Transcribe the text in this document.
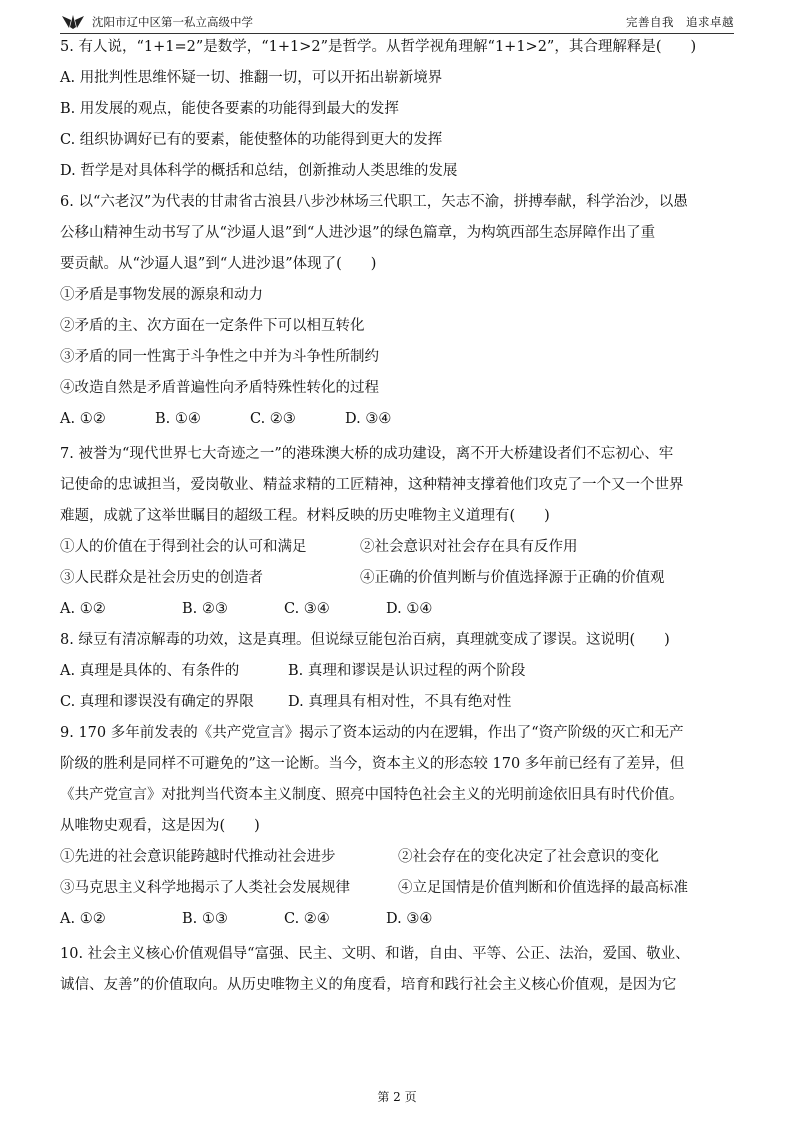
沈阳市辽中区第一私立高级中学	完善自我　追求卓越
5. 有人说，“1+1=2”是数学，“1+1>2”是哲学。从哲学视角理解“1+1>2”，其合理解释是(　　)
A. 用批判性思维怀疑一切、推翻一切，可以开拓出崭新境界
B. 用发展的观点，能使各要素的功能得到最大的发挥
C. 组织协调好已有的要素，能使整体的功能得到更大的发挥
D. 哲学是对具体科学的概括和总结，创新推动人类思维的发展
6. 以“六老汉”为代表的甘肃省古浪县八步沙林场三代职工，矢志不渝，拼搏奉献，科学治沙，以愚
公移山精神生动书写了从“沙逼人退”到“人进沙退”的绿色篇章，为构筑西部生态屏障作出了重
要贡献。从“沙逼人退”到“人进沙退”体现了(　　)
①矛盾是事物发展的源泉和动力
②矛盾的主、次方面在一定条件下可以相互转化
③矛盾的同一性寓于斗争性之中并为斗争性所制约
④改造自然是矛盾普遍性向矛盾特殊性转化的过程
A. ①②	B. ①④	C. ②③	D. ③④
7. 被誉为“现代世界七大奇迹之一”的港珠澳大桥的成功建设，离不开大桥建设者们不忘初心、牢
记使命的忠诚担当，爱岗敬业、精益求精的工匠精神，这种精神支撑着他们攻克了一个又一个世界
难题，成就了这举世瞩目的超级工程。材料反映的历史唯物主义道理有(　　)
①人的价值在于得到社会的认可和满足	②社会意识对社会存在具有反作用
③人民群众是社会历史的创造者	④正确的价值判断与价值选择源于正确的价值观
A. ①②	B. ②③	C. ③④	D. ①④
8. 绿豆有清凉解毒的功效，这是真理。但说绿豆能包治百病，真理就变成了谬误。这说明(　　)
A. 真理是具体的、有条件的	B. 真理和谬误是认识过程的两个阶段
C. 真理和谬误没有确定的界限	D. 真理具有相对性，不具有绝对性
9. 170 多年前发表的《共产党宣言》揭示了资本运动的内在逻辑，作出了“资产阶级的灭亡和无产
阶级的胜利是同样不可避免的”这一论断。当今，资本主义的形态较 170 多年前已经有了差异，但
《共产党宣言》对批判当代资本主义制度、照亮中国特色社会主义的光明前途依旧具有时代价值。
从唯物史观看，这是因为(　　)
①先进的社会意识能跨越时代推动社会进步	②社会存在的变化决定了社会意识的变化
③马克思主义科学地揭示了人类社会发展规律	④立足国情是价值判断和价值选择的最高标准
A. ①②	B. ①③	C. ②④	D. ③④
10. 社会主义核心价值观倡导“富强、民主、文明、和谐，自由、平等、公正、法治，爱国、敬业、
诚信、友善”的价值取向。从历史唯物主义的角度看，培育和践行社会主义核心价值观，是因为它
第 2 页
